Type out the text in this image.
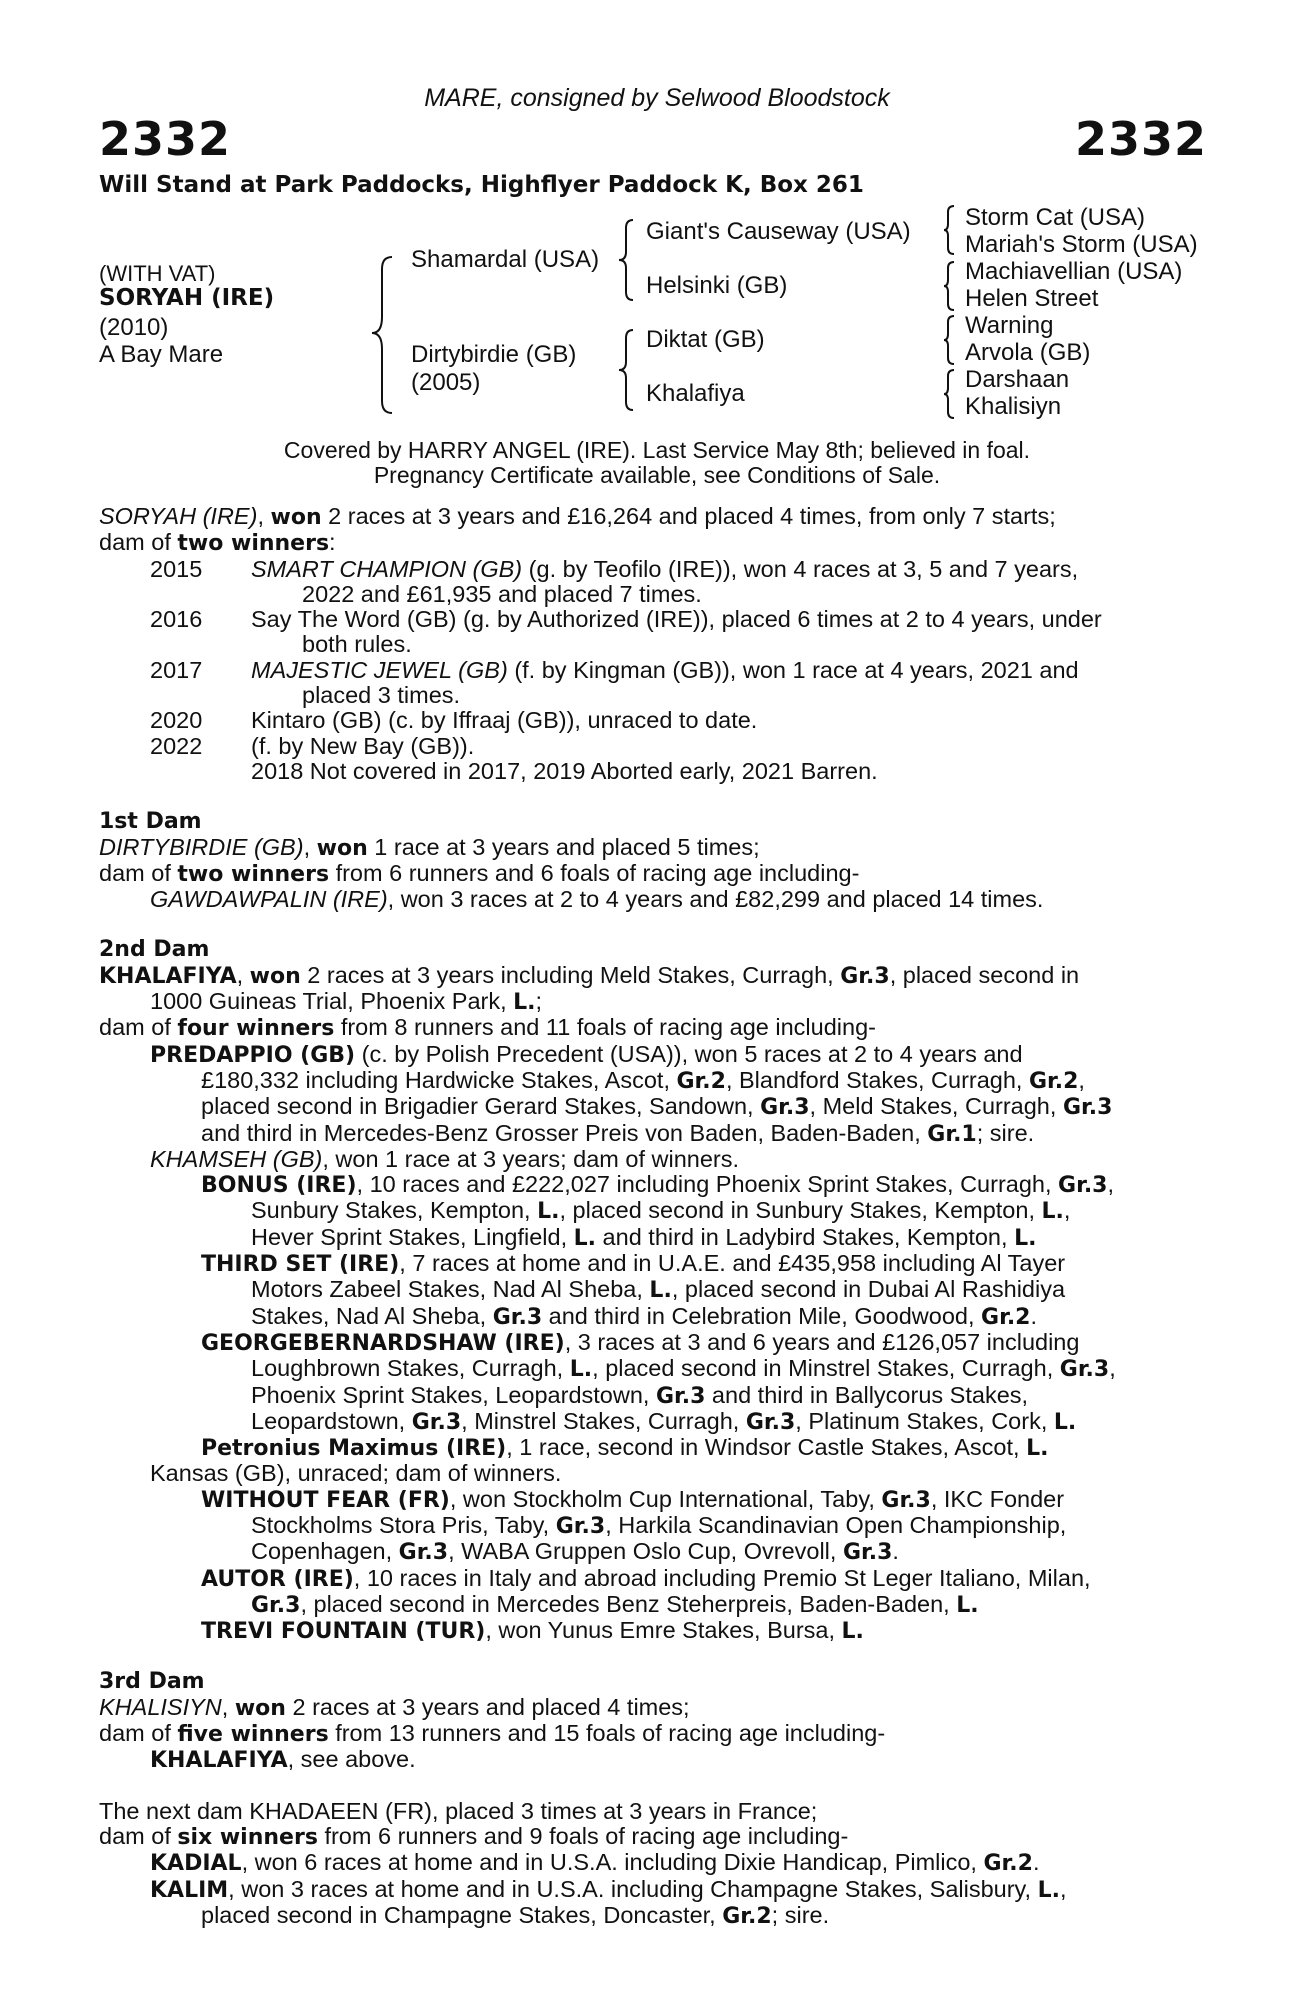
MARE, consigned by Selwood Bloodstock
2332	2332
Will Stand at Park Paddocks, Highflyer Paddock K, Box 261
(WITH VAT)
SORYAH (IRE)
(2010)
A Bay Mare
Shamardal (USA)
Dirtybirdie (GB)
(2005)
Giant's Causeway (USA)
Helsinki (GB)
Diktat (GB)
Khalafiya
Storm Cat (USA)
Mariah's Storm (USA)
Machiavellian (USA)
Helen Street
Warning
Arvola (GB)
Darshaan
Khalisiyn
Covered by HARRY ANGEL (IRE). Last Service May 8th; believed in foal.
Pregnancy Certificate available, see Conditions of Sale.

SORYAH (IRE), won 2 races at 3 years and £16,264 and placed 4 times, from only 7 starts;

dam of two winners:

2015 SMART CHAMPION (GB) (g. by Teofilo (IRE)), won 4 races at 3, 5 and 7 years,

2022 and £61,935 and placed 7 times.

2016 Say The Word (GB) (g. by Authorized (IRE)), placed 6 times at 2 to 4 years, under

both rules.

2017 MAJESTIC JEWEL (GB) (f. by Kingman (GB)), won 1 race at 4 years, 2021 and

placed 3 times.

2020 Kintaro (GB) (c. by Iffraaj (GB)), unraced to date.

2022 (f. by New Bay (GB)).

2018 Not covered in 2017, 2019 Aborted early, 2021 Barren.

1st Dam

DIRTYBIRDIE (GB), won 1 race at 3 years and placed 5 times;

dam of two winners from 6 runners and 6 foals of racing age including-

GAWDAWPALIN (IRE), won 3 races at 2 to 4 years and £82,299 and placed 14 times.

2nd Dam

KHALAFIYA, won 2 races at 3 years including Meld Stakes, Curragh, Gr.3, placed second in

1000 Guineas Trial, Phoenix Park, L.;

dam of four winners from 8 runners and 11 foals of racing age including-

PREDAPPIO (GB) (c. by Polish Precedent (USA)), won 5 races at 2 to 4 years and

£180,332 including Hardwicke Stakes, Ascot, Gr.2, Blandford Stakes, Curragh, Gr.2,

placed second in Brigadier Gerard Stakes, Sandown, Gr.3, Meld Stakes, Curragh, Gr.3

and third in Mercedes-Benz Grosser Preis von Baden, Baden-Baden, Gr.1; sire.

KHAMSEH (GB), won 1 race at 3 years; dam of winners.

BONUS (IRE), 10 races and £222,027 including Phoenix Sprint Stakes, Curragh, Gr.3,

Sunbury Stakes, Kempton, L., placed second in Sunbury Stakes, Kempton, L.,

Hever Sprint Stakes, Lingfield, L. and third in Ladybird Stakes, Kempton, L.

THIRD SET (IRE), 7 races at home and in U.A.E. and £435,958 including Al Tayer

Motors Zabeel Stakes, Nad Al Sheba, L., placed second in Dubai Al Rashidiya

Stakes, Nad Al Sheba, Gr.3 and third in Celebration Mile, Goodwood, Gr.2.

GEORGEBERNARDSHAW (IRE), 3 races at 3 and 6 years and £126,057 including

Loughbrown Stakes, Curragh, L., placed second in Minstrel Stakes, Curragh, Gr.3,

Phoenix Sprint Stakes, Leopardstown, Gr.3 and third in Ballycorus Stakes,

Leopardstown, Gr.3, Minstrel Stakes, Curragh, Gr.3, Platinum Stakes, Cork, L.

Petronius Maximus (IRE), 1 race, second in Windsor Castle Stakes, Ascot, L.

Kansas (GB), unraced; dam of winners.

WITHOUT FEAR (FR), won Stockholm Cup International, Taby, Gr.3, IKC Fonder

Stockholms Stora Pris, Taby, Gr.3, Harkila Scandinavian Open Championship,

Copenhagen, Gr.3, WABA Gruppen Oslo Cup, Ovrevoll, Gr.3.

AUTOR (IRE), 10 races in Italy and abroad including Premio St Leger Italiano, Milan,

Gr.3, placed second in Mercedes Benz Steherpreis, Baden-Baden, L.

TREVI FOUNTAIN (TUR), won Yunus Emre Stakes, Bursa, L.

3rd Dam

KHALISIYN, won 2 races at 3 years and placed 4 times;

dam of five winners from 13 runners and 15 foals of racing age including-

KHALAFIYA, see above.

The next dam KHADAEEN (FR), placed 3 times at 3 years in France;

dam of six winners from 6 runners and 9 foals of racing age including-

KADIAL, won 6 races at home and in U.S.A. including Dixie Handicap, Pimlico, Gr.2.

KALIM, won 3 races at home and in U.S.A. including Champagne Stakes, Salisbury, L.,

placed second in Champagne Stakes, Doncaster, Gr.2; sire.
